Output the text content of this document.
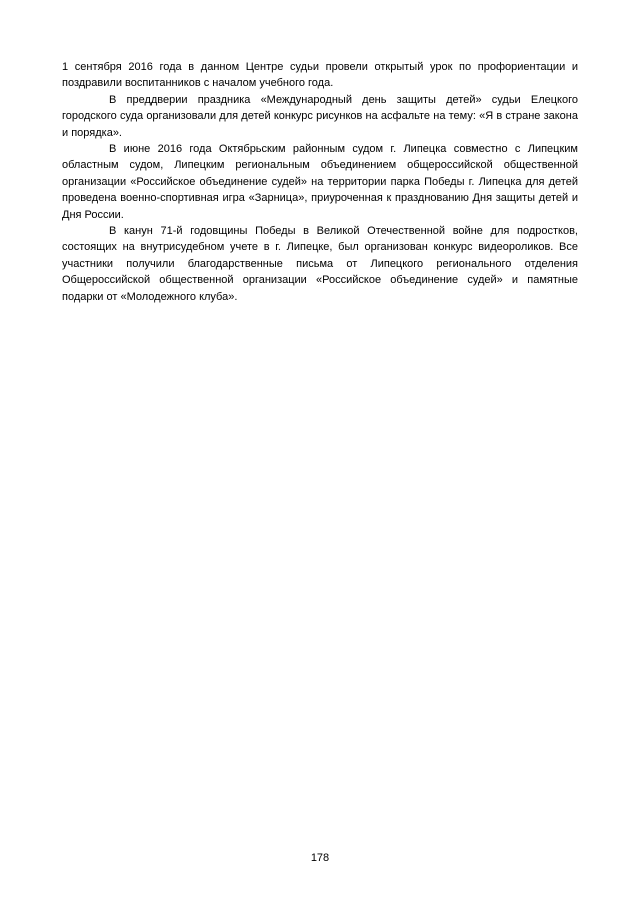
1 сентября 2016 года в данном Центре судьи провели открытый урок по профориентации и поздравили воспитанников с началом учебного года.

В преддверии праздника «Международный день защиты детей» судьи Елецкого городского суда организовали для детей конкурс рисунков на асфальте на тему: «Я в стране закона и порядка».

В июне 2016 года Октябрьским районным судом г. Липецка совместно с Липецким областным судом, Липецким региональным объединением общероссийской общественной организации «Российское объединение судей» на территории парка Победы г. Липецка для детей проведена военно-спортивная игра «Зарница», приуроченная к празднованию Дня защиты детей и Дня России.

В канун 71-й годовщины Победы в Великой Отечественной войне для подростков, состоящих на внутрисудебном учете в г. Липецке, был организован конкурс видеороликов. Все участники получили благодарственные письма от Липецкого регионального отделения Общероссийской общественной организации «Российское объединение судей» и памятные подарки от «Молодежного клуба».

178
